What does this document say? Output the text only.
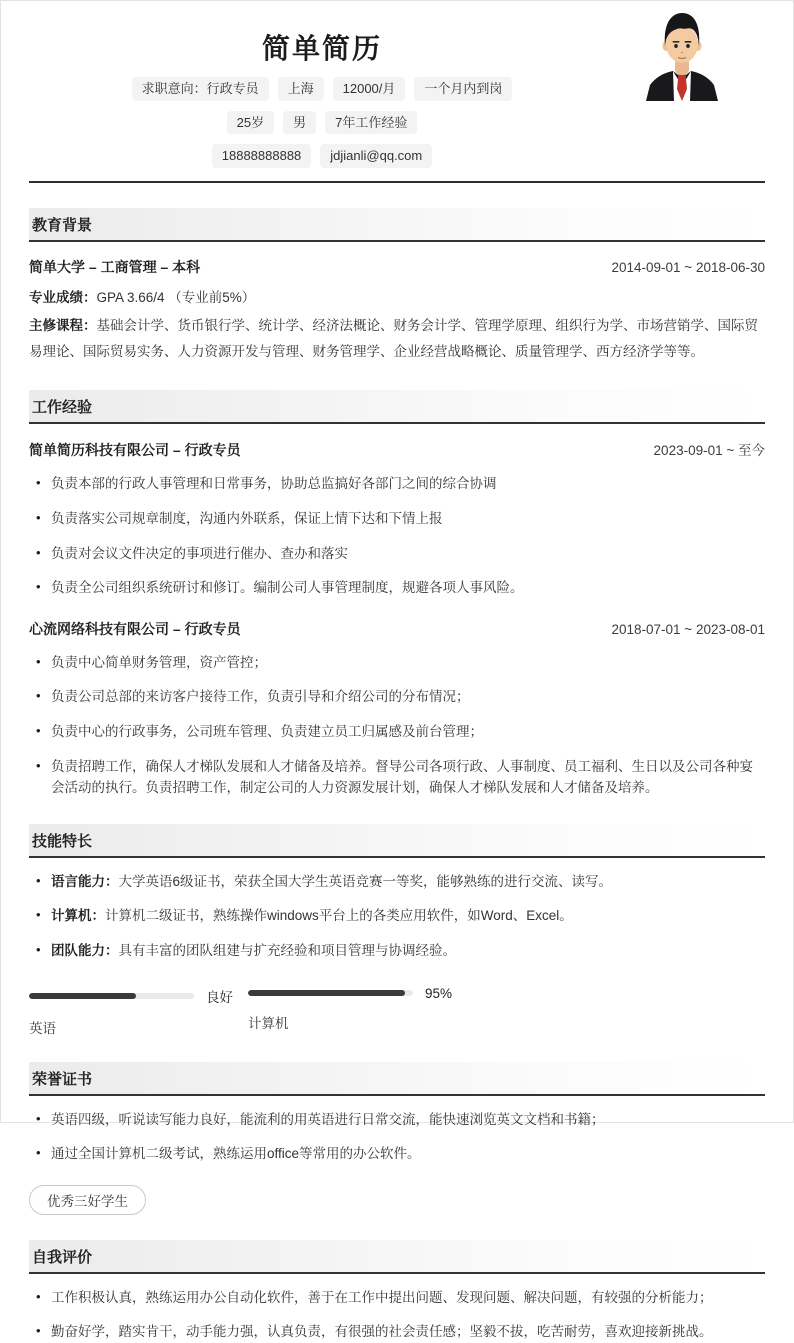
简单简历
求职意向：行政专员	上海	12000/月	一个月内到岗
25岁	男	7年工作经验
18888888888	jdjianli@qq.com
教育背景
简单大学 – 工商管理 – 本科	2014-09-01 ~ 2018-06-30
专业成绩：GPA 3.66/4 （专业前5%）
主修课程：基础会计学、货币银行学、统计学、经济法概论、财务会计学、管理学原理、组织行为学、市场营销学、国际贸易理论、国际贸易实务、人力资源开发与管理、财务管理学、企业经营战略概论、质量管理学、西方经济学等等。
工作经验
简单简历科技有限公司 – 行政专员	2023-09-01 ~ 至今
• 负责本部的行政人事管理和日常事务，协助总监搞好各部门之间的综合协调
• 负责落实公司规章制度，沟通内外联系，保证上情下达和下情上报
• 负责对会议文件决定的事项进行催办、查办和落实
• 负责全公司组织系统研讨和修订。编制公司人事管理制度，规避各项人事风险。
心流网络科技有限公司 – 行政专员	2018-07-01 ~ 2023-08-01
• 负责中心简单财务管理，资产管控；
• 负责公司总部的来访客户接待工作，负责引导和介绍公司的分布情况；
• 负责中心的行政事务，公司班车管理、负责建立员工归属感及前台管理；
• 负责招聘工作，确保人才梯队发展和人才储备及培养。督导公司各项行政、人事制度、员工福利、生日以及公司各种宴会活动的执行。负责招聘工作，制定公司的人力资源发展计划，确保人才梯队发展和人才储备及培养。
技能特长
• 语言能力：大学英语6级证书，荣获全国大学生英语竞赛一等奖，能够熟练的进行交流、读写。
• 计算机：计算机二级证书，熟练操作windows平台上的各类应用软件，如Word、Excel。
• 团队能力：具有丰富的团队组建与扩充经验和项目管理与协调经验。
良好
英语
95%
计算机
荣誉证书
• 英语四级，听说读写能力良好，能流利的用英语进行日常交流，能快速浏览英文文档和书籍；
• 通过全国计算机二级考试，熟练运用office等常用的办公软件。
优秀三好学生
自我评价
• 工作积极认真，熟练运用办公自动化软件，善于在工作中提出问题、发现问题、解决问题，有较强的分析能力；
• 勤奋好学，踏实肯干，动手能力强，认真负责，有很强的社会责任感；坚毅不拔，吃苦耐劳，喜欢迎接新挑战。
